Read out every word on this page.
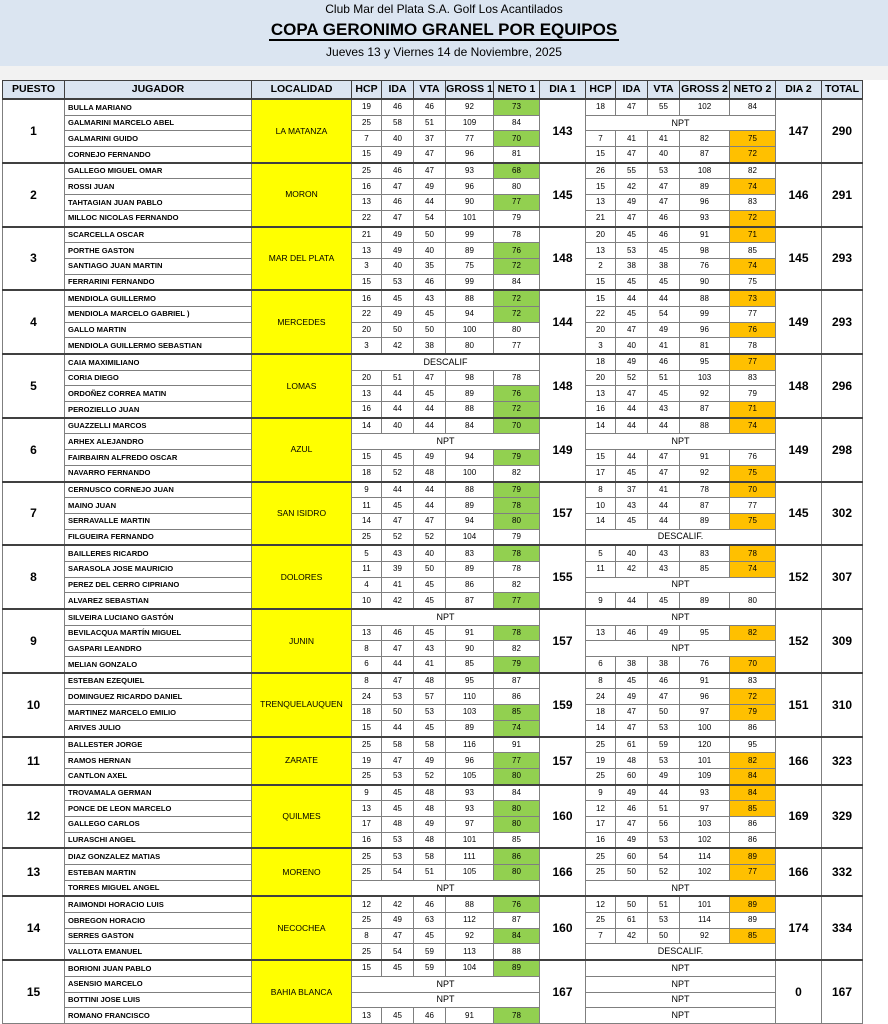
Club Mar del Plata S.A. Golf Los Acantilados
COPA GERONIMO GRANEL POR EQUIPOS
Jueves 13 y Viernes 14 de Noviembre, 2025
PUESTO	JUGADOR	LOCALIDAD	HCP	IDA	VTA	GROSS 1	NETO 1	DIA 1	HCP	IDA	VTA	GROSS 2	NETO 2	DIA 2	TOTAL
1	BULLA MARIANO	LA MATANZA	19	46	46	92	73	143	18	47	55	102	84	147	290
	GALMARINI MARCELO ABEL		25	58	51	109	84		NPT						
	GALMARINI GUIDO		7	40	37	77	70		7	41	41	82	75		
	CORNEJO FERNANDO		15	49	47	96	81		15	47	40	87	72		
2	GALLEGO MIGUEL OMAR	MORON	25	46	47	93	68	145	26	55	53	108	82	146	291
	ROSSI JUAN		16	47	49	96	80		15	42	47	89	74		
	TAHTAGIAN JUAN PABLO		13	46	44	90	77		13	49	47	96	83		
	MILLOC NICOLAS FERNANDO		22	47	54	101	79		21	47	46	93	72		
3	SCARCELLA OSCAR	MAR DEL PLATA	21	49	50	99	78	148	20	45	46	91	71	145	293
	PORTHE GASTON		13	49	40	89	76		13	53	45	98	85		
	SANTIAGO JUAN MARTIN		3	40	35	75	72		2	38	38	76	74		
	FERRARINI FERNANDO		15	53	46	99	84		15	45	45	90	75		
4	MENDIOLA GUILLERMO	MERCEDES	16	45	43	88	72	144	15	44	44	88	73	149	293
	MENDIOLA MARCELO GABRIEL )		22	49	45	94	72		22	45	54	99	77		
	GALLO MARTIN		20	50	50	100	80		20	47	49	96	76		
	MENDIOLA GUILLERMO SEBASTIAN		3	42	38	80	77		3	40	41	81	78		
5	CAIA MAXIMILIANO	LOMAS	DESCALIF					148	18	49	46	95	77	148	296
	CORIA DIEGO		20	51	47	98	78		20	52	51	103	83		
	ORDOÑEZ CORREA MATIN		13	44	45	89	76		13	47	45	92	79		
	PEROZIELLO JUAN		16	44	44	88	72		16	44	43	87	71		
6	GUAZZELLI MARCOS	AZUL	14	40	44	84	70	149	14	44	44	88	74	149	298
	ARHEX ALEJANDRO		NPT						NPT						
	FAIRBAIRN ALFREDO OSCAR		15	45	49	94	79		15	44	47	91	76		
	NAVARRO FERNANDO		18	52	48	100	82		17	45	47	92	75		
7	CERNUSCO CORNEJO JUAN	SAN ISIDRO	9	44	44	88	79	157	8	37	41	78	70	145	302
	MAINO JUAN		11	45	44	89	78		10	43	44	87	77		
	SERRAVALLE MARTIN		14	47	47	94	80		14	45	44	89	75		
	FILGUEIRA FERNANDO		25	52	52	104	79		DESCALIF.						
8	BAILLERES RICARDO	DOLORES	5	43	40	83	78	155	5	40	43	83	78	152	307
	SARASOLA JOSE MAURICIO		11	39	50	89	78		11	42	43	85	74		
	PEREZ DEL CERRO CIPRIANO		4	41	45	86	82		NPT						
	ALVAREZ SEBASTIAN		10	42	45	87	77		9	44	45	89	80		
9	SILVEIRA LUCIANO GASTÓN	JUNIN	NPT					157	NPT					152	309
	BEVILACQUA MARTÍN MIGUEL		13	46	45	91	78		13	46	49	95	82		
	GASPARI LEANDRO		8	47	43	90	82		NPT						
	MELIAN GONZALO		6	44	41	85	79		6	38	38	76	70		
10	ESTEBAN EZEQUIEL	TRENQUELAUQUEN	8	47	48	95	87	159	8	45	46	91	83	151	310
	DOMINGUEZ RICARDO DANIEL		24	53	57	110	86		24	49	47	96	72		
	MARTINEZ MARCELO EMILIO		18	50	53	103	85		18	47	50	97	79		
	ARIVES JULIO		15	44	45	89	74		14	47	53	100	86		
11	BALLESTER JORGE	ZARATE	25	58	58	116	91	157	25	61	59	120	95	166	323
	RAMOS HERNAN		19	47	49	96	77		19	48	53	101	82		
	CANTLON AXEL		25	53	52	105	80		25	60	49	109	84		
12	TROVAMALA GERMAN	QUILMES	9	45	48	93	84	160	9	49	44	93	84	169	329
	PONCE DE LEON MARCELO		13	45	48	93	80		12	46	51	97	85		
	GALLEGO CARLOS		17	48	49	97	80		17	47	56	103	86		
	LURASCHI ANGEL		16	53	48	101	85		16	49	53	102	86		
13	DIAZ GONZALEZ MATIAS	MORENO	25	53	58	111	86	166	25	60	54	114	89	166	332
	ESTEBAN MARTIN		25	54	51	105	80		25	50	52	102	77		
	TORRES MIGUEL ANGEL		NPT						NPT						
14	RAIMONDI HORACIO LUIS	NECOCHEA	12	42	46	88	76	160	12	50	51	101	89	174	334
	OBREGON HORACIO		25	49	63	112	87		25	61	53	114	89		
	SERRES GASTON		8	47	45	92	84		7	42	50	92	85		
	VALLOTA EMANUEL		25	54	59	113	88		DESCALIF.						
15	BORIONI JUAN PABLO	BAHIA BLANCA	15	45	59	104	89	167	NPT					0	167
	ASENSIO MARCELO		NPT						NPT						
	BOTTINI JOSE LUIS		NPT						NPT						
	ROMANO FRANCISCO		13	45	46	91	78		NPT						
